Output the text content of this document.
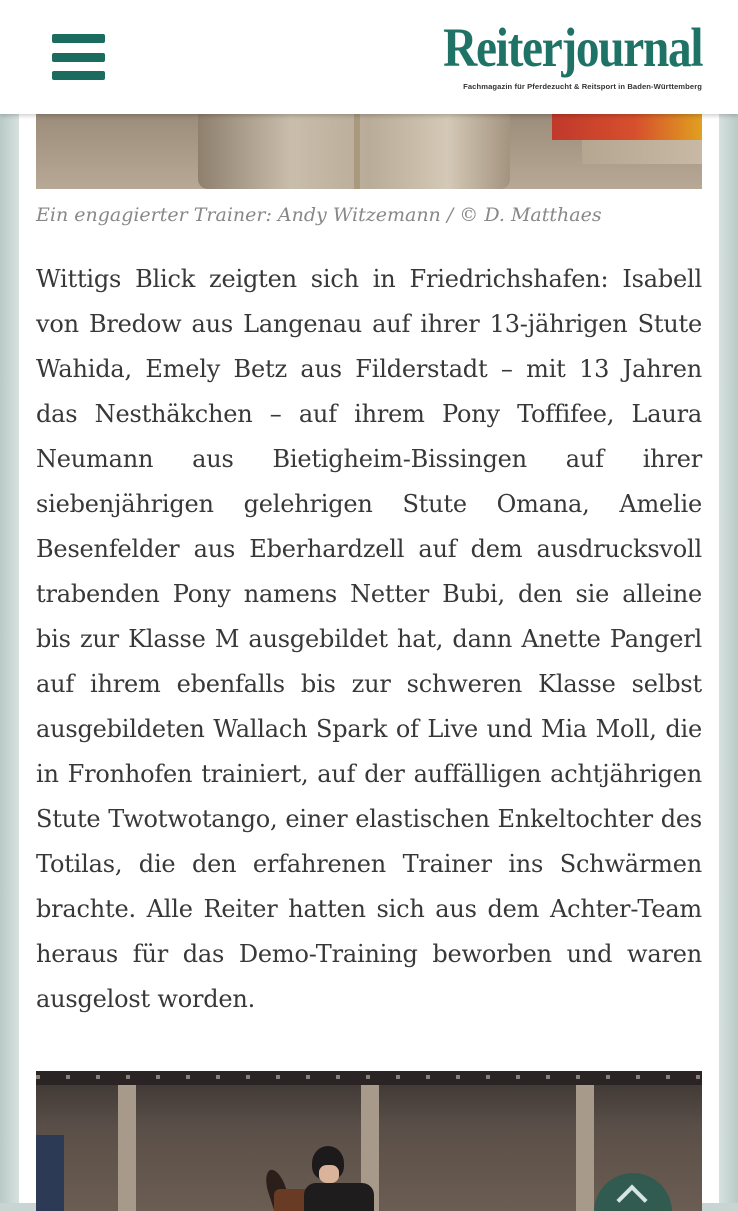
Reiterjournal
Fachmagazin für Pferdezucht & Reitsport in Baden-Württemberg
Ein engagierter Trainer: Andy Witzemann / © D. Matthaes

Wittigs Blick zeigten sich in Friedrichshafen: Isabell von Bredow aus Langenau auf ihrer 13-jährigen Stute Wahida, Emely Betz aus Filderstadt – mit 13 Jahren das Nesthäkchen – auf ihrem Pony Toffifee, Laura Neumann aus Bietigheim-Bissingen auf ihrer siebenjährigen gelehrigen Stute Omana, Amelie Besenfelder aus Eberhardzell auf dem ausdrucksvoll trabenden Pony namens Netter Bubi, den sie alleine bis zur Klasse M ausgebildet hat, dann Anette Pangerl auf ihrem ebenfalls bis zur schweren Klasse selbst ausgebildeten Wallach Spark of Live und Mia Moll, die in Fronhofen trainiert, auf der auffälligen achtjährigen Stute Twotwotango, einer elastischen Enkeltochter des Totilas, die den erfahrenen Trainer ins Schwärmen brachte. Alle Reiter hatten sich aus dem Achter-Team heraus für das Demo-Training beworben und waren ausgelost worden.
